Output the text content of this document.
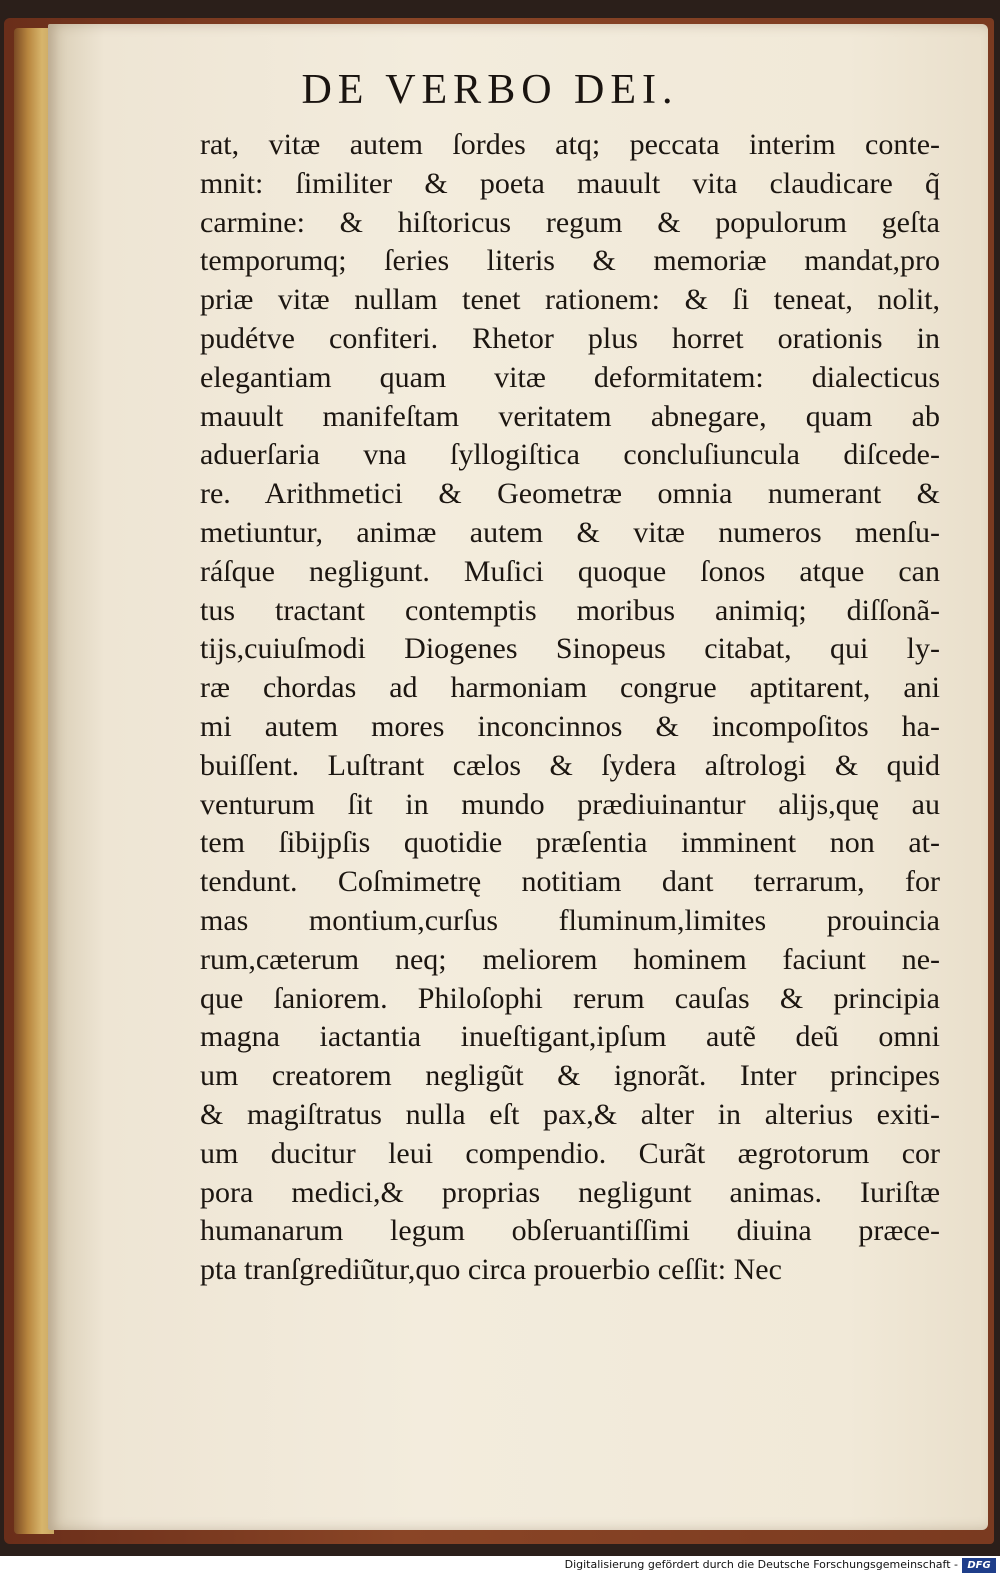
DE VERBO DEI.
rat, vitæ autem ſordes atq; peccata interim conte-
mnit: ſimiliter & poeta mauult vita claudicare q̃
carmine: & hiſtoricus regum & populorum geſta
temporumq; ſeries literis & memoriæ mandat,pro
priæ vitæ nullam tenet rationem: & ſi teneat, nolit,
pudétve confiteri. Rhetor plus horret orationis in
elegantiam quam vitæ deformitatem: dialecticus
mauult manifeſtam veritatem abnegare, quam ab
aduerſaria vna ſyllogiſtica concluſiuncula diſcede-
re. Arithmetici & Geometræ omnia numerant &
metiuntur, animæ autem & vitæ numeros menſu-
ráſque negligunt. Muſici quoque ſonos atque can
tus tractant contemptis moribus animiq; diſſonã-
tijs,cuiuſmodi Diogenes Sinopeus citabat, qui ly-
ræ chordas ad harmoniam congrue aptitarent, ani
mi autem mores inconcinnos & incompoſitos ha-
buiſſent. Luſtrant cælos & ſydera aſtrologi & quid
venturum ſit in mundo prædiuinantur alijs,quę au
tem ſibijpſis quotidie præſentia imminent non at-
tendunt. Coſmimetrę notitiam dant terrarum, for
mas montium,curſus fluminum,limites prouincia
rum,cæterum neq; meliorem hominem faciunt ne-
que ſaniorem. Philoſophi rerum cauſas & principia
magna iactantia inueſtigant,ipſum autẽ deũ omni
um creatorem negligũt & ignorãt. Inter principes
& magiſtratus nulla eſt pax,& alter in alterius exiti-
um ducitur leui compendio. Curãt ægrotorum cor
pora medici,& proprias negligunt animas. Iuriſtæ
humanarum legum obſeruantiſſimi diuina præce-
pta tranſgrediũtur,quo circa prouerbio ceſſit: Nec
Digitalisierung gefördert durch die Deutsche Forschungsgemeinschaft - DFG
